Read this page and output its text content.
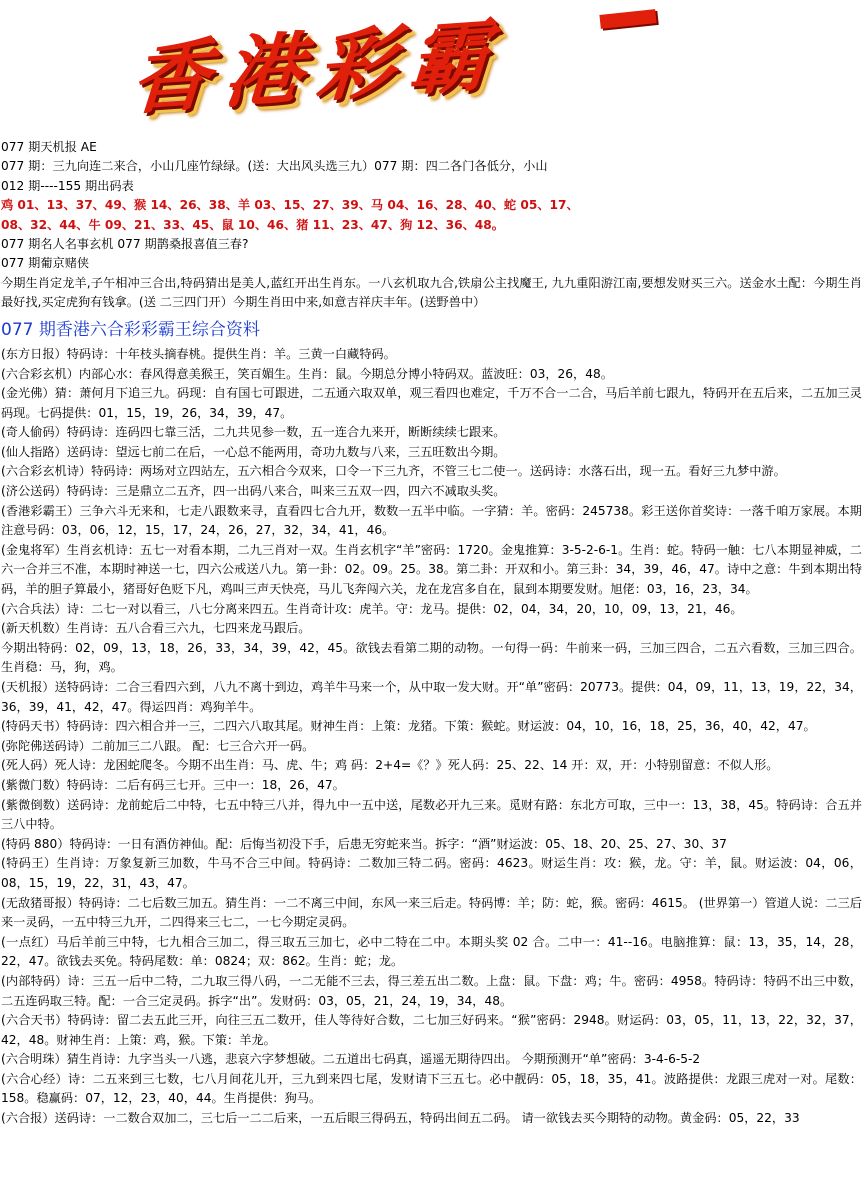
香港彩霸
077 期天机报 AE
077 期：三九向连二来合，小山几座竹绿绿。(送：大出风头选三九）077 期：四二各门各低分，小山
012 期----155 期出码表
鸡 01、13、37、49、猴 14、26、38、羊 03、15、27、39、马 04、16、28、40、蛇 05、17、
08、32、44、牛 09、21、33、45、鼠 10、46、猪 11、23、47、狗 12、36、48。
077 期名人名事玄机 077 期鹊桑报喜值三春?
077 期葡京赌侠
今期生肖定龙羊,子午相冲三合出,特码猜出是美人,蓝红开出生肖东。一八玄机取九合,铁扇公主找魔王, 九九重阳游江南,要想发财买三六。送金水土配：今期生肖最好找,买定虎狗有钱拿。(送 二三四门开）今期生肖田中来,如意吉祥庆丰年。(送野兽中）
077 期香港六合彩彩霸王综合资料
(东方日报）特码诗：十年枝头摘春桃。提供生肖：羊。三黄一白藏特码。
(六合彩玄机）内部心水：春风得意美猴王，笑百媚生。生肖：鼠。今期总分博小特码双。蓝波旺：03，26，48。
(金光佛）猜：萧何月下追三九。码现：自有国七可跟进，二五通六取双单，观三看四也难定，千万不合一二合，马后羊前七跟九，特码开在五后来，二五加三灵码现。七码提供：01，15，19，26，34，39，47。
(奇人偷码）特码诗：连码四七靠三活，二九共见参一数，五一连合九来开，断断续续七跟来。
(仙人指路）送码诗：望远七前二在后，一心总不能两用，奇功九数与八来，三五旺数出今期。
(六合彩玄机诗）特码诗：两场对立四站左，五六相合今双来，口令一下三九齐，不管三七二使一。送码诗：水落石出，现一五。看好三九梦中游。
(济公送码）特码诗：三是鼎立二五齐，四一出码八来合，叫来三五双一四，四六不减取头奖。
(香港彩霸王）三争六斗无来和，七走八跟数来寻，直看四七合九开，数数一五半中临。一字猜：羊。密码：245738。彩王送你首奖诗：一落千咱万家展。本期注意号码：03，06，12，15，17，24，26，27，32，34，41，46。
(金鬼将军）生肖玄机诗：五七一对看本期，二九三肖对一双。生肖玄机字“羊”密码：1720。金鬼推算：3-5-2-6-1。生肖：蛇。特码一触：七八本期显神威，二六一合并三不准，本期时神送一七，四六公戒送八九。第一卦：02。09。25。38。第二卦：开双和小。第三卦：34，39，46，47。诗中之意：牛到本期出特码，羊的胆子算最小，猪哥好色贬下凡，鸡叫三声天快亮，马儿飞奔闯六关，龙在龙宫多自在，鼠到本期要发财。旭佬：03，16，23，34。
(六合兵法）诗：二七一对以看三，八七分离来四五。生肖奇计攻：虎羊。守：龙马。提供：02，04，34，20，10，09，13，21，46。
(新天机数）生肖诗：五八合看三六九，七四来龙马跟后。
今期出特码：02，09，13，18，26，33，34，39，42，45。欲钱去看第二期的动物。一句得一码：牛前来一码，三加三四合，二五六看数，三加三四合。生肖稳：马，狗，鸡。
(天机报）送特码诗：二合三看四六到，八九不离十到边，鸡羊牛马来一个，从中取一发大财。开“单”密码：20773。提供：04，09，11，13，19，22，34，36，39，41，42，47。得运四肖：鸡狗羊牛。
(特码天书）特码诗：四六相合并一三，二四六八取其尾。财神生肖：上策：龙猪。下策：猴蛇。财运波：04，10，16，18，25，36，40，42，47。
(弥陀佛送码诗）二前加三二八跟。 配：七三合六开一码。
(死人码）死人诗：龙困蛇爬冬。今期不出生肖：马、虎、牛；鸡 码：2+4=《？》死人码：25、22、14 开：双，开：小特别留意：不似人形。
(紫微门数）特码诗：二后有码三七开。三中一：18，26，47。
(紫微倒数）送码诗：龙前蛇后二中特，七五中特三八并，得九中一五中送，尾数必开九三来。觅财有路：东北方可取，三中一：13，38，45。特码诗：合五并三八中特。
(特码 880）特码诗：一日有酒仿神仙。配：后悔当初没下手，后患无穷蛇来当。拆字：“酒”财运波：05、18、20、25、27、30、37
(特码王）生肖诗：万象复新三加数，牛马不合三中间。特码诗：二数加三特二码。密码：4623。财运生肖：攻：猴，龙。守：羊，鼠。财运波：04，06，08，15，19，22，31，43，47。
(无敌猪哥报）特码诗：二七后数三加五。猜生肖：一二不离三中间，东风一来三后走。特码博：羊；防：蛇，猴。密码：4615。 (世界第一）管道人说：二三后来一灵码，一五中特三九开，二四得来三七二，一七今期定灵码。
(一点红）马后羊前三中特，七九相合三加二，得三取五三加七，必中二特在二中。本期头奖 02 合。二中一：41--16。电脑推算：鼠：13，35，14，28，22，47。欲钱去买免。特码尾数：单：0824；双：862。生肖：蛇；龙。
(内部特码）诗：三五一后中二特，二九取三得八码，一二无能不三去，得三差五出二数。上盘：鼠。下盘：鸡；牛。密码：4958。特码诗：特码不出三中数，二五连码取三特。配：一合三定灵码。拆字“出”。发财码：03，05，21，24，19，34，48。
(六合天书）特码诗：留二去五此三开，向往三五二数开，佳人等待好合数，二七加三好码来。“猴”密码：2948。财运码：03，05，11，13，22，32，37，42，48。财神生肖：上策：鸡，猴。下策：羊龙。
(六合明珠）猜生肖诗：九字当头一八逃，悲哀六字梦想破。二五道出七码真，遥遥无期待四出。 今期预测开“单”密码：3-4-6-5-2
(六合心经）诗：二五来到三七数，七八月间花儿开，三九到来四七尾，发财请下三五七。必中靓码：05，18，35，41。波路提供：龙跟三虎对一对。尾数：158。稳赢码：07，12，23，40，44。生肖提供：狗马。
(六合报）送码诗：一二数合双加二，三七后一二二后来，一五后眼三得码五，特码出间五二码。 请一欲钱去买今期特的动物。黄金码：05，22，33
